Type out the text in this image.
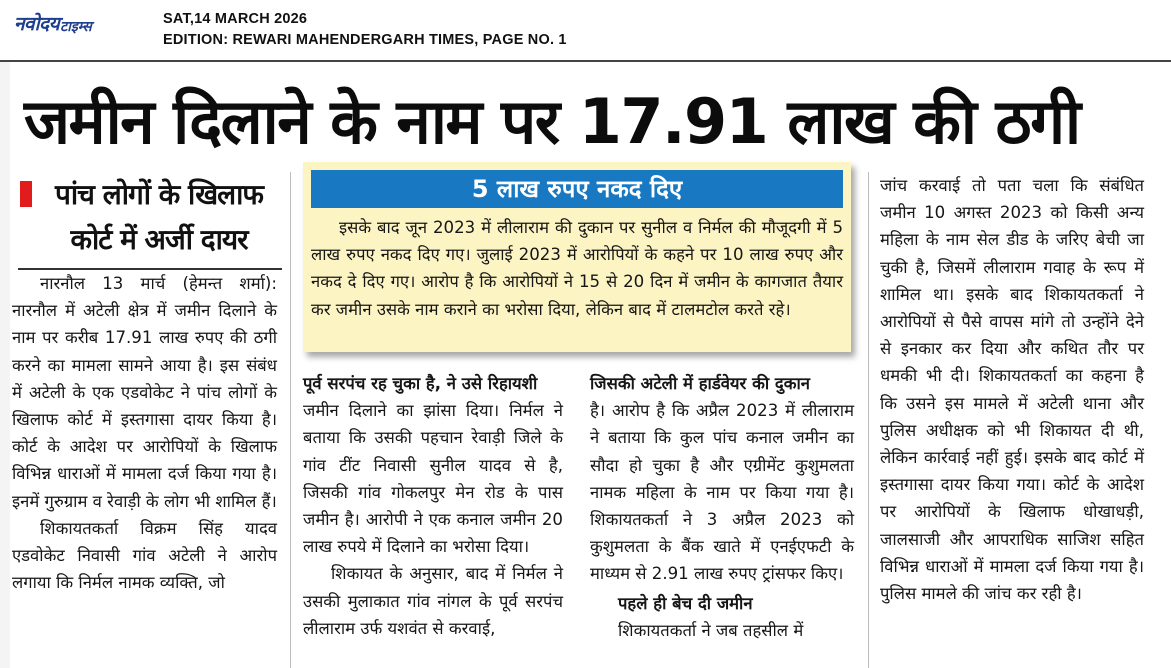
नवोदय टाइम्स	SAT,14 MARCH 2026
EDITION: REWARI MAHENDERGARH TIMES, PAGE NO. 1
जमीन दिलाने के नाम पर 17.91 लाख की ठगी
पांच लोगों के खिलाफ
कोर्ट में अर्जी दायर

नारनौल 13 मार्च (हेमन्त शर्मा): नारनौल में अटेली क्षेत्र में जमीन दिलाने के नाम पर करीब 17.91 लाख रुपए की ठगी करने का मामला सामने आया है। इस संबंध में अटेली के एक एडवोकेट ने पांच लोगों के खिलाफ कोर्ट में इस्तगासा दायर किया है। कोर्ट के आदेश पर आरोपियों के खिलाफ विभिन्न धाराओं में मामला दर्ज किया गया है। इनमें गुरुग्राम व रेवाड़ी के लोग भी शामिल हैं।

शिकायतकर्ता विक्रम सिंह यादव एडवोकेट निवासी गांव अटेली ने आरोप लगाया कि निर्मल नामक व्यक्ति, जो

5 लाख रुपए नकद दिए

इसके बाद जून 2023 में लीलाराम की दुकान पर सुनील व निर्मल की मौजूदगी में 5 लाख रुपए नकद दिए गए। जुलाई 2023 में आरोपियों के कहने पर 10 लाख रुपए और नकद दे दिए गए। आरोप है कि आरोपियों ने 15 से 20 दिन में जमीन के कागजात तैयार कर जमीन उसके नाम कराने का भरोसा दिया, लेकिन बाद में टालमटोल करते रहे।

पूर्व सरपंच रह चुका है, ने उसे रिहायशी

जमीन दिलाने का झांसा दिया। निर्मल ने बताया कि उसकी पहचान रेवाड़ी जिले के गांव टींट निवासी सुनील यादव से है, जिसकी गांव गोकलपुर मेन रोड के पास जमीन है। आरोपी ने एक कनाल जमीन 20 लाख रुपये में दिलाने का भरोसा दिया।

शिकायत के अनुसार, बाद में निर्मल ने उसकी मुलाकात गांव नांगल के पूर्व सरपंच लीलाराम उर्फ यशवंत से करवाई,

जिसकी अटेली में हार्डवेयर की दुकान

है। आरोप है कि अप्रैल 2023 में लीलाराम ने बताया कि कुल पांच कनाल जमीन का सौदा हो चुका है और एग्रीमेंट कुशुमलता नामक महिला के नाम पर किया गया है। शिकायतकर्ता ने 3 अप्रैल 2023 को कुशुमलता के बैंक खाते में एनईएफटी के माध्यम से 2.91 लाख रुपए ट्रांसफर किए।

पहले ही बेच दी जमीन

शिकायतकर्ता ने जब तहसील में

जांच करवाई तो पता चला कि संबंधित जमीन 10 अगस्त 2023 को किसी अन्य महिला के नाम सेल डीड के जरिए बेची जा चुकी है, जिसमें लीलाराम गवाह के रूप में शामिल था। इसके बाद शिकायतकर्ता ने आरोपियों से पैसे वापस मांगे तो उन्होंने देने से इनकार कर दिया और कथित तौर पर धमकी भी दी। शिकायतकर्ता का कहना है कि उसने इस मामले में अटेली थाना और पुलिस अधीक्षक को भी शिकायत दी थी, लेकिन कार्रवाई नहीं हुई। इसके बाद कोर्ट में इस्तगासा दायर किया गया। कोर्ट के आदेश पर आरोपियों के खिलाफ धोखाधड़ी, जालसाजी और आपराधिक साजिश सहित विभिन्न धाराओं में मामला दर्ज किया गया है। पुलिस मामले की जांच कर रही है।
